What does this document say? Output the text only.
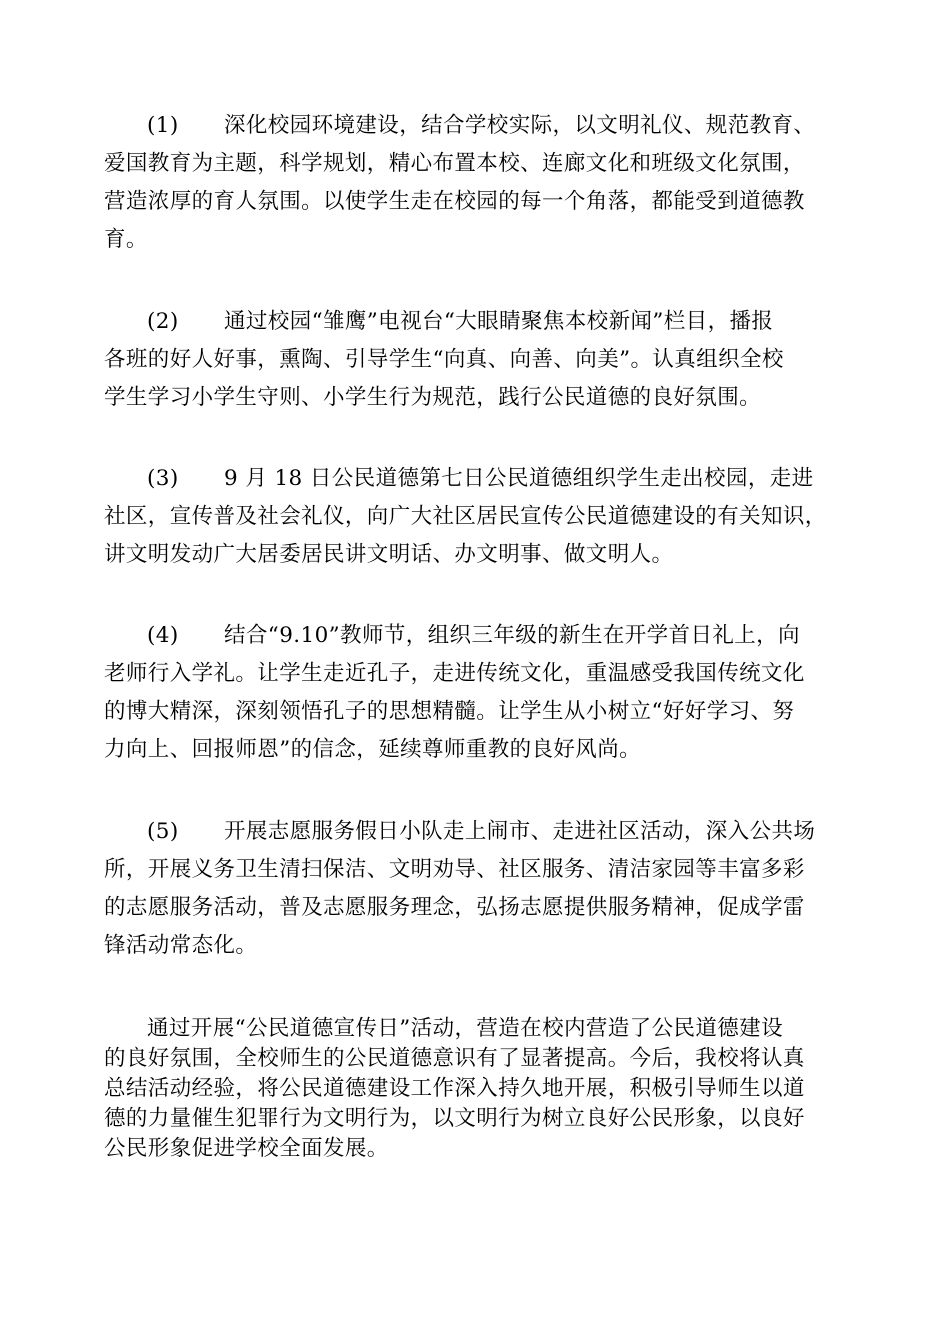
(1) 深化校园环境建设，结合学校实际，以文明礼仪、规范教育、
爱国教育为主题，科学规划，精心布置本校、连廊文化和班级文化氛围，
营造浓厚的育人氛围。以使学生走在校园的每一个角落，都能受到道德教
育。
(2) 通过校园“雏鹰”电视台“大眼睛聚焦本校新闻”栏目，播报
各班的好人好事，熏陶、引导学生“向真、向善、向美”。认真组织全校
学生学习小学生守则、小学生行为规范，践行公民道德的良好氛围。
(3) 9 月 18 日公民道德第七日公民道德组织学生走出校园，走进
社区，宣传普及社会礼仪，向广大社区居民宣传公民道德建设的有关知识，
讲文明发动广大居委居民讲文明话、办文明事、做文明人。
(4) 结合“9.10”教师节，组织三年级的新生在开学首日礼上，向
老师行入学礼。让学生走近孔子，走进传统文化，重温感受我国传统文化
的博大精深，深刻领悟孔子的思想精髓。让学生从小树立“好好学习、努
力向上、回报师恩”的信念，延续尊师重教的良好风尚。
(5) 开展志愿服务假日小队走上闹市、走进社区活动，深入公共场
所，开展义务卫生清扫保洁、文明劝导、社区服务、清洁家园等丰富多彩
的志愿服务活动，普及志愿服务理念，弘扬志愿提供服务精神，促成学雷
锋活动常态化。
通过开展“公民道德宣传日”活动，营造在校内营造了公民道德建设
的良好氛围，全校师生的公民道德意识有了显著提高。今后，我校将认真
总结活动经验，将公民道德建设工作深入持久地开展，积极引导师生以道
德的力量催生犯罪行为文明行为，以文明行为树立良好公民形象，以良好
公民形象促进学校全面发展。
